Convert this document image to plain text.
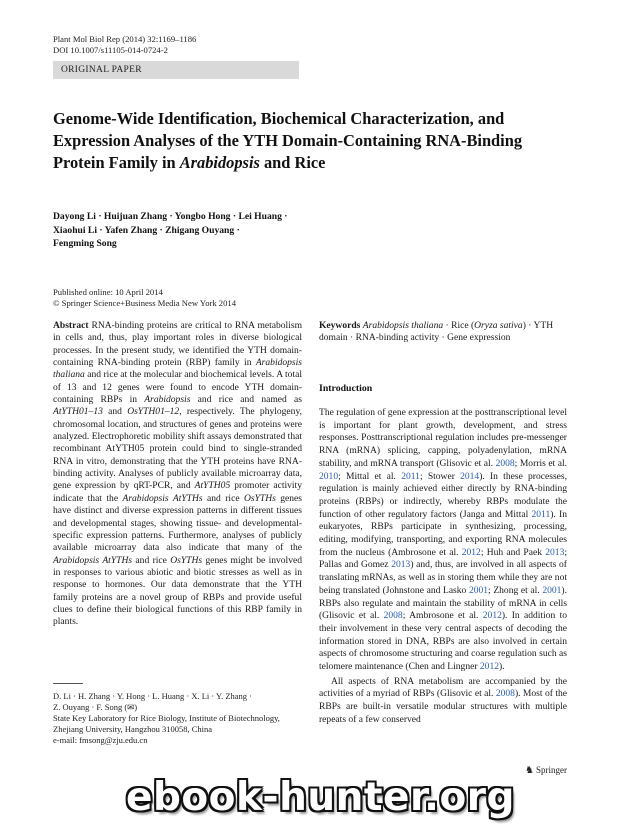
Plant Mol Biol Rep (2014) 32:1169–1186
DOI 10.1007/s11105-014-0724-2
ORIGINAL PAPER
Genome-Wide Identification, Biochemical Characterization, and Expression Analyses of the YTH Domain-Containing RNA-Binding Protein Family in Arabidopsis and Rice
Dayong Li · Huijuan Zhang · Yongbo Hong · Lei Huang ·
Xiaohui Li · Yafen Zhang · Zhigang Ouyang ·
Fengming Song
Published online: 10 April 2014
© Springer Science+Business Media New York 2014
Abstract RNA-binding proteins are critical to RNA metabolism in cells and, thus, play important roles in diverse biological processes. In the present study, we identified the YTH domain-containing RNA-binding protein (RBP) family in Arabidopsis thaliana and rice at the molecular and biochemical levels. A total of 13 and 12 genes were found to encode YTH domain-containing RBPs in Arabidopsis and rice and named as AtYTH01–13 and OsYTH01–12, respectively. The phylogeny, chromosomal location, and structures of genes and proteins were analyzed. Electrophoretic mobility shift assays demonstrated that recombinant AtYTH05 protein could bind to single-stranded RNA in vitro, demonstrating that the YTH proteins have RNA-binding activity. Analyses of publicly available microarray data, gene expression by qRT-PCR, and AtYTH05 promoter activity indicate that the Arabidopsis AtYTHs and rice OsYTHs genes have distinct and diverse expression patterns in different tissues and developmental stages, showing tissue- and developmental-specific expression patterns. Furthermore, analyses of publicly available microarray data also indicate that many of the Arabidopsis AtYTHs and rice OsYTHs genes might be involved in responses to various abiotic and biotic stresses as well as in response to hormones. Our data demonstrate that the YTH family proteins are a novel group of RBPs and provide useful clues to define their biological functions of this RBP family in plants.
Keywords Arabidopsis thaliana · Rice (Oryza sativa) · YTH domain · RNA-binding activity · Gene expression
Introduction

The regulation of gene expression at the posttranscriptional level is important for plant growth, development, and stress responses. Posttranscriptional regulation includes pre-messenger RNA (mRNA) splicing, capping, polyadenylation, mRNA stability, and mRNA transport (Glisovic et al. 2008; Morris et al. 2010; Mittal et al. 2011; Stower 2014). In these processes, regulation is mainly achieved either directly by RNA-binding proteins (RBPs) or indirectly, whereby RBPs modulate the function of other regulatory factors (Janga and Mittal 2011). In eukaryotes, RBPs participate in synthesizing, processing, editing, modifying, transporting, and exporting RNA molecules from the nucleus (Ambrosone et al. 2012; Huh and Paek 2013; Pallas and Gomez 2013) and, thus, are involved in all aspects of translating mRNAs, as well as in storing them while they are not being translated (Johnstone and Lasko 2001; Zhong et al. 2001). RBPs also regulate and maintain the stability of mRNA in cells (Glisovic et al. 2008; Ambrosone et al. 2012). In addition to their involvement in these very central aspects of decoding the information stored in DNA, RBPs are also involved in certain aspects of chromosome structuring and coarse regulation such as telomere maintenance (Chen and Lingner 2012).

All aspects of RNA metabolism are accompanied by the activities of a myriad of RBPs (Glisovic et al. 2008). Most of the RBPs are built-in versatile modular structures with multiple repeats of a few conserved

D. Li · H. Zhang · Y. Hong · L. Huang · X. Li · Y. Zhang ·
Z. Ouyang · F. Song (✉)
State Key Laboratory for Rice Biology, Institute of Biotechnology,
Zhejiang University, Hangzhou 310058, China
e-mail: fmsong@zju.edu.cn
♞ Springer
ebook-hunter.org
